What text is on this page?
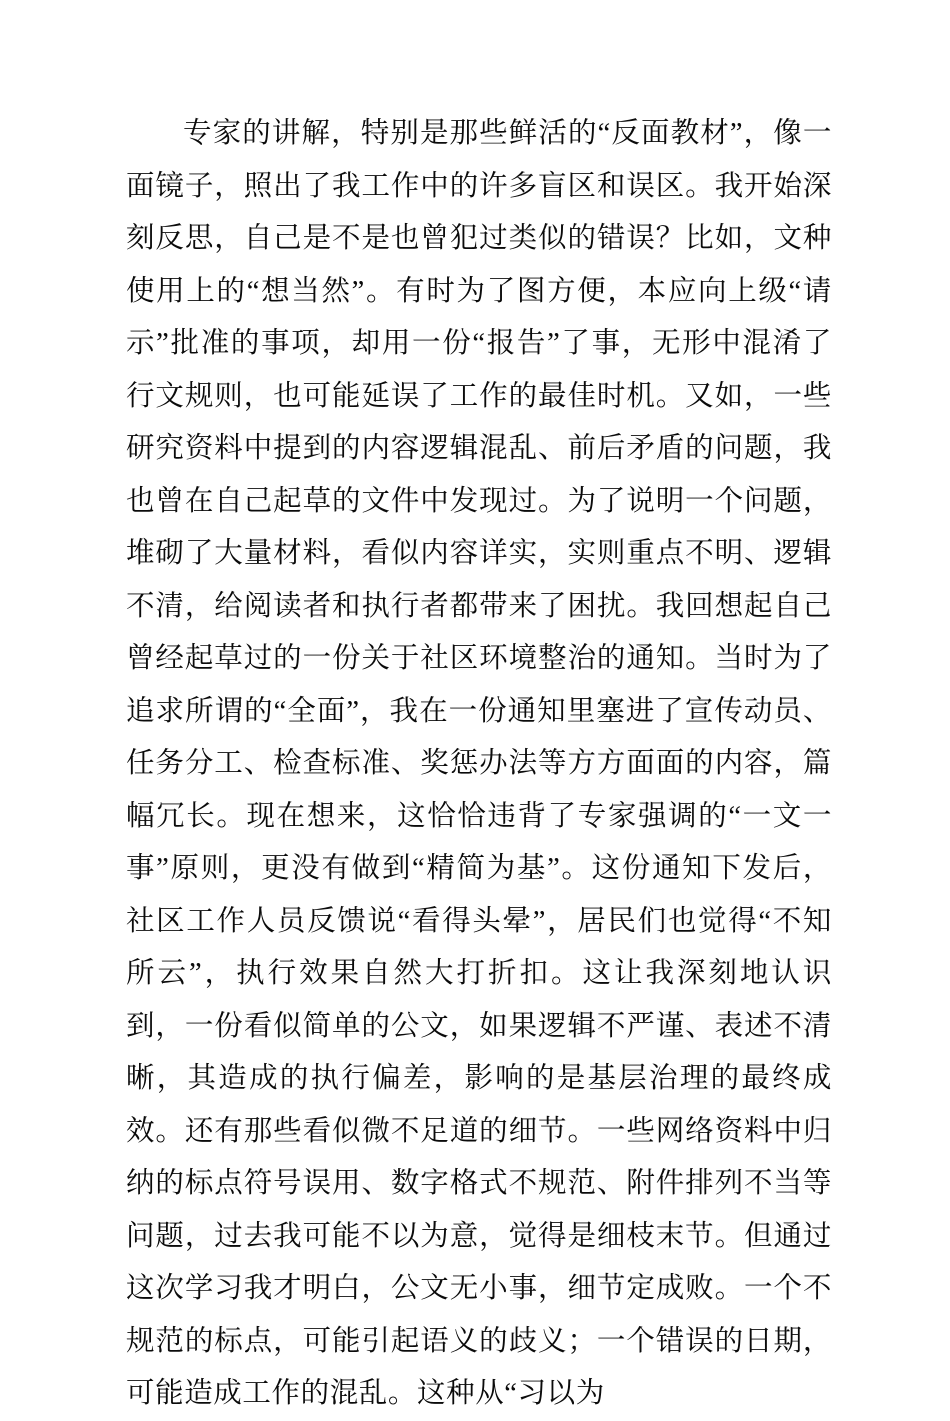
专家的讲解，特别是那些鲜活的“反面教材”，像一面镜子，照出了我工作中的许多盲区和误区。我开始深刻反思，自己是不是也曾犯过类似的错误？比如，文种使用上的“想当然”。有时为了图方便，本应向上级“请示”批准的事项，却用一份“报告”了事，无形中混淆了行文规则，也可能延误了工作的最佳时机。又如，一些研究资料中提到的内容逻辑混乱、前后矛盾的问题，我也曾在自己起草的文件中发现过。为了说明一个问题，堆砌了大量材料，看似内容详实，实则重点不明、逻辑不清，给阅读者和执行者都带来了困扰。我回想起自己曾经起草过的一份关于社区环境整治的通知。当时为了追求所谓的“全面”，我在一份通知里塞进了宣传动员、任务分工、检查标准、奖惩办法等方方面面的内容，篇幅冗长。现在想来，这恰恰违背了专家强调的“一文一事”原则，更没有做到“精简为基”。这份通知下发后，社区工作人员反馈说“看得头晕”，居民们也觉得“不知所云”，执行效果自然大打折扣。这让我深刻地认识到，一份看似简单的公文，如果逻辑不严谨、表述不清晰，其造成的执行偏差，影响的是基层治理的最终成效。还有那些看似微不足道的细节。一些网络资料中归纳的标点符号误用、数字格式不规范、附件排列不当等问题，过去我可能不以为意，觉得是细枝末节。但通过这次学习我才明白，公文无小事，细节定成败。一个不规范的标点，可能引起语义的歧义；一个错误的日期，可能造成工作的混乱。这种从“习以为
